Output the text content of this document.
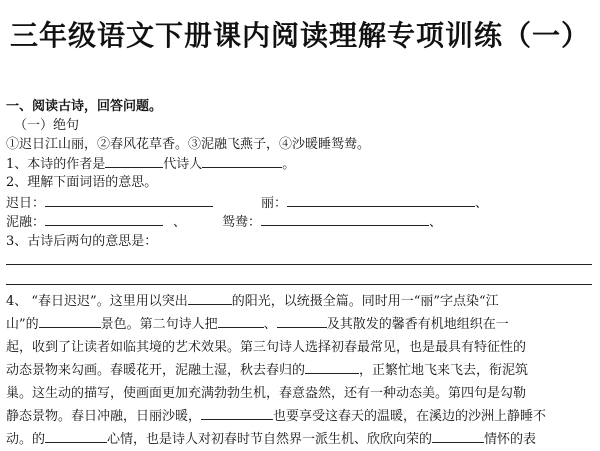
三年级语文下册课内阅读理解专项训练（一）
一、阅读古诗，回答问题。
（一）绝句
①迟日江山丽，②春风花草香。③泥融飞燕子，④沙暖睡鸳鸯。
1、本诗的作者是	代诗人	。
2、理解下面词语的意思。
迟日：	丽：	、
泥融：	、	鸳鸯：	、
3、古诗后两句的意思是：
4、 “春日迟迟”。这里用以突出	的阳光，以统摄全篇。同时用一“丽”字点染“江
山”的	景色。第二句诗人把	、	及其散发的馨香有机地组织在一
起，收到了让读者如临其境的艺术效果。第三句诗人选择初春最常见，也是最具有特征性的
动态景物来勾画。春暖花开，泥融土湿，秋去春归的	，正繁忙地飞来飞去，衔泥筑
巢。这生动的描写，使画面更加充满勃勃生机，春意盎然，还有一种动态美。第四句是勾勒
静态景物。春日冲融，日丽沙暖，	也要享受这春天的温暖，在溪边的沙洲上静睡不
动。的	心情，也是诗人对初春时节自然界一派生机、欣欣向荣的	情怀的表
